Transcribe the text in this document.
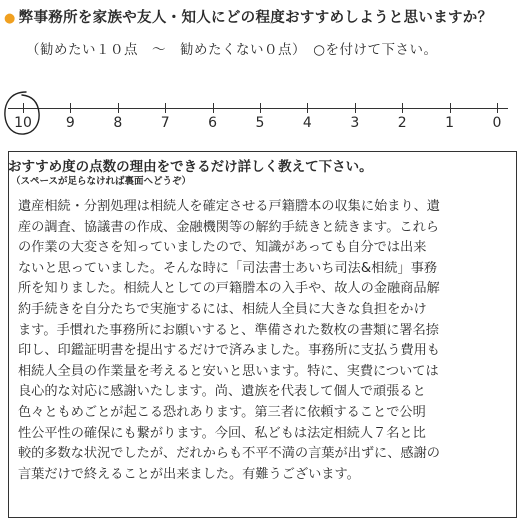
● 弊事務所を家族や友人・知人にどの程度おすすめしようと思いますか？
（勧めたい１０点　～　勧めたくない０点）　○を付けて下さい。
10	9	8	7	6	5	4	3	2	1	0
おすすめ度の点数の理由をできるだけ詳しく教えて下さい。
（スペースが足らなければ裏面へどうぞ）
遺産相続・分割処理は相続人を確定させる戸籍謄本の収集に始まり、遺
産の調査、協議書の作成、金融機関等の解約手続きと続きます。これら
の作業の大変さを知っていましたので、知識があっても自分では出来
ないと思っていました。そんな時に「司法書士あいち司法&相続」事務
所を知りました。相続人としての戸籍謄本の入手や、故人の金融商品解
約手続きを自分たちで実施するには、相続人全員に大きな負担をかけ
ます。手慣れた事務所にお願いすると、準備された数枚の書類に署名捺
印し、印鑑証明書を提出するだけで済みました。事務所に支払う費用も
相続人全員の作業量を考えると安いと思います。特に、実費については
良心的な対応に感謝いたします。尚、遺族を代表して個人で頑張ると
色々ともめごとが起こる恐れあります。第三者に依頼することで公明
性公平性の確保にも繋がります。今回、私どもは法定相続人７名と比
較的多数な状況でしたが、だれからも不平不満の言葉が出ずに、感謝の
言葉だけで終えることが出来ました。有難うございます。
